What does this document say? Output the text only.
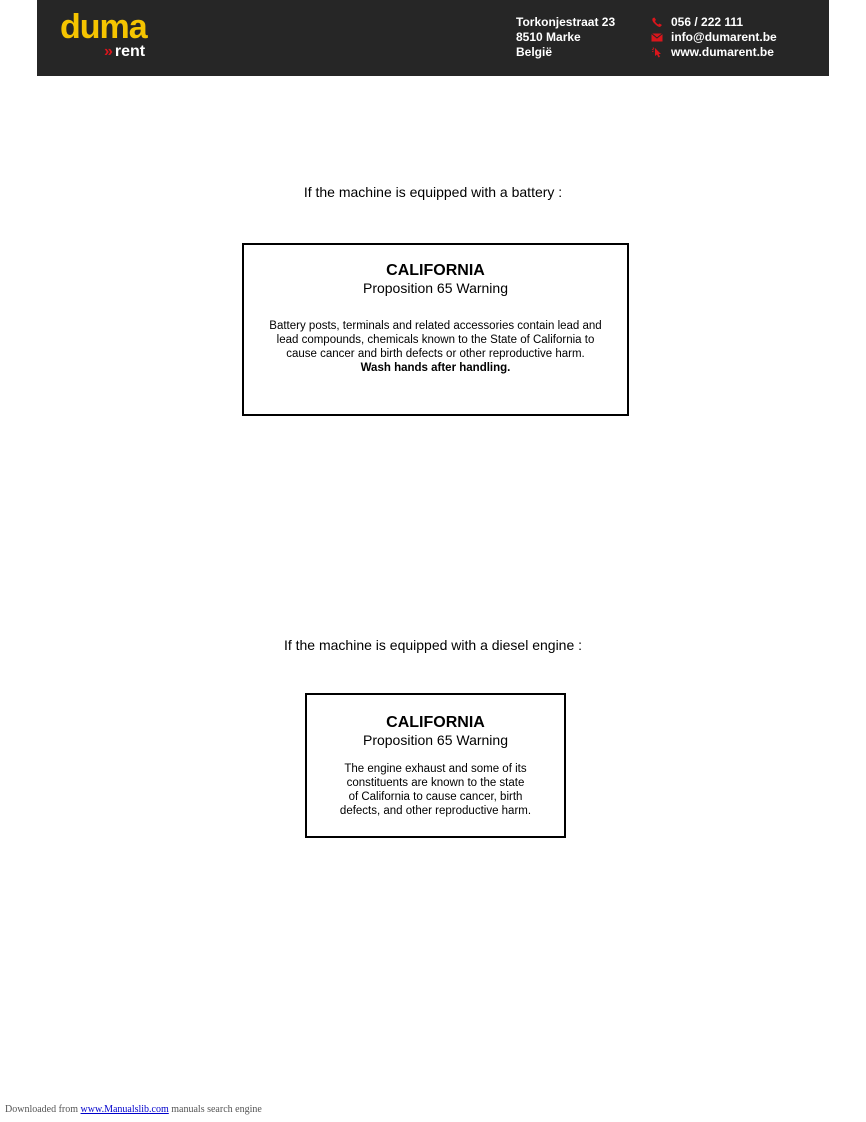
duma
» rent
Torkonjestraat 23
8510 Marke
België
056 / 222 111
info@dumarent.be
www.dumarent.be
If the machine is equipped with a battery :
CALIFORNIA
Proposition 65 Warning
Battery posts, terminals and related accessories contain lead and
lead compounds, chemicals known to the State of California to
cause cancer and birth defects or other reproductive harm.
Wash hands after handling.
If the machine is equipped with a diesel engine :
CALIFORNIA
Proposition 65 Warning
The engine exhaust and some of its
constituents are known to the state
of California to cause cancer, birth
defects, and other reproductive harm.
Downloaded from www.Manualslib.com manuals search engine
